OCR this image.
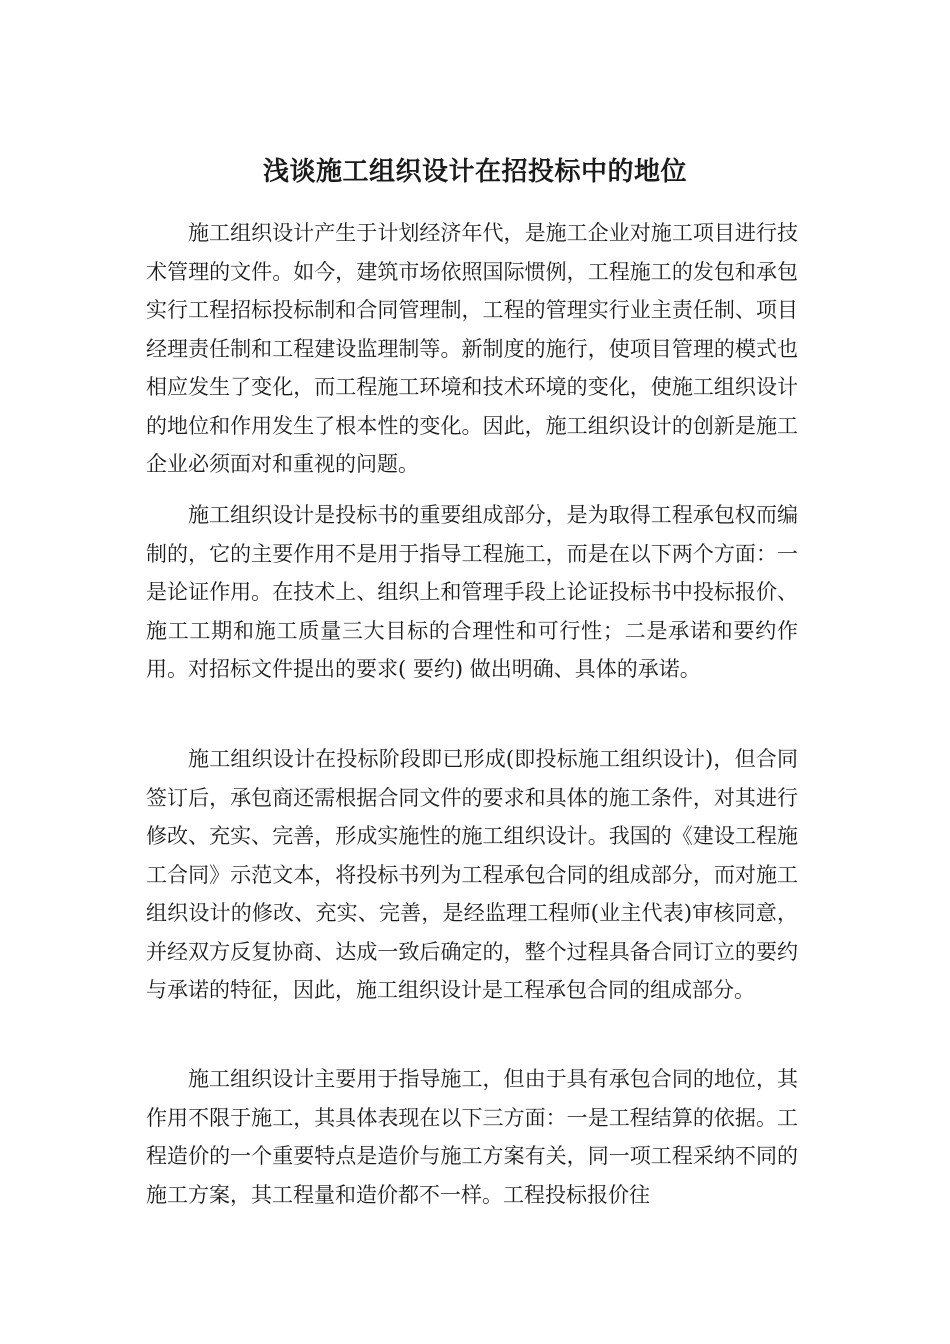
浅谈施工组织设计在招投标中的地位

施工组织设计产生于计划经济年代，是施工企业对施工项目进行技术管理的文件。如今，建筑市场依照国际惯例，工程施工的发包和承包实行工程招标投标制和合同管理制，工程的管理实行业主责任制、项目经理责任制和工程建设监理制等。新制度的施行，使项目管理的模式也相应发生了变化，而工程施工环境和技术环境的变化，使施工组织设计的地位和作用发生了根本性的变化。因此，施工组织设计的创新是施工企业必须面对和重视的问题。

施工组织设计是投标书的重要组成部分，是为取得工程承包权而编制的，它的主要作用不是用于指导工程施工，而是在以下两个方面：一是论证作用。在技术上、组织上和管理手段上论证投标书中投标报价、施工工期和施工质量三大目标的合理性和可行性；二是承诺和要约作用。对招标文件提出的要求( 要约) 做出明确、具体的承诺。

施工组织设计在投标阶段即已形成(即投标施工组织设计)，但合同签订后，承包商还需根据合同文件的要求和具体的施工条件，对其进行修改、充实、完善，形成实施性的施工组织设计。我国的《建设工程施工合同》示范文本，将投标书列为工程承包合同的组成部分，而对施工组织设计的修改、充实、完善，是经监理工程师(业主代表)审核同意，并经双方反复协商、达成一致后确定的，整个过程具备合同订立的要约与承诺的特征，因此，施工组织设计是工程承包合同的组成部分。

施工组织设计主要用于指导施工，但由于具有承包合同的地位，其作用不限于施工，其具体表现在以下三方面：一是工程结算的依据。工程造价的一个重要特点是造价与施工方案有关，同一项工程采纳不同的施工方案，其工程量和造价都不一样。工程投标报价往
